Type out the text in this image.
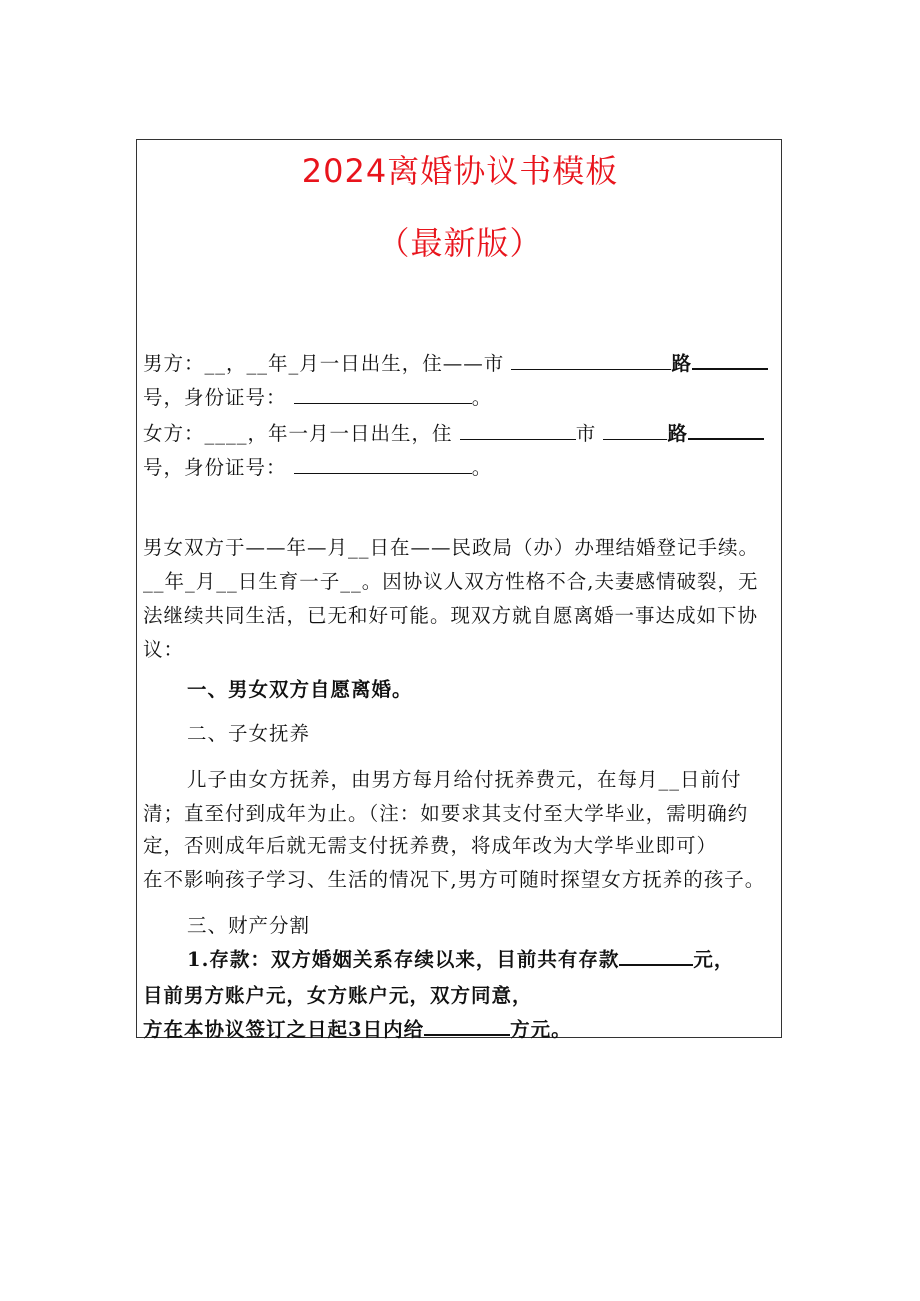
2024离婚协议书模板
（最新版）
男方：__，__年_月一日出生，住——市	路
号，身份证号：	。
女方：____，年一月一日出生，住	市	路
号，身份证号：	。
男女双方于——年—月__日在——民政局（办）办理结婚登记手续。
__年_月__日生育一子__。因协议人双方性格不合,夫妻感情破裂，无
法继续共同生活，已无和好可能。现双方就自愿离婚一事达成如下协
议：
一、男女双方自愿离婚。
二、子女抚养
儿子由女方抚养，由男方每月给付抚养费元，在每月__日前付
清；直至付到成年为止。（注：如要求其支付至大学毕业，需明确约
定，否则成年后就无需支付抚养费，将成年改为大学毕业即可）
在不影响孩子学习、生活的情况下,男方可随时探望女方抚养的孩子。
三、财产分割
1.存款：双方婚姻关系存续以来，目前共有存款	元，
目前男方账户元，女方账户元，双方同意，
方在本协议签订之日起3日内给	方元。
